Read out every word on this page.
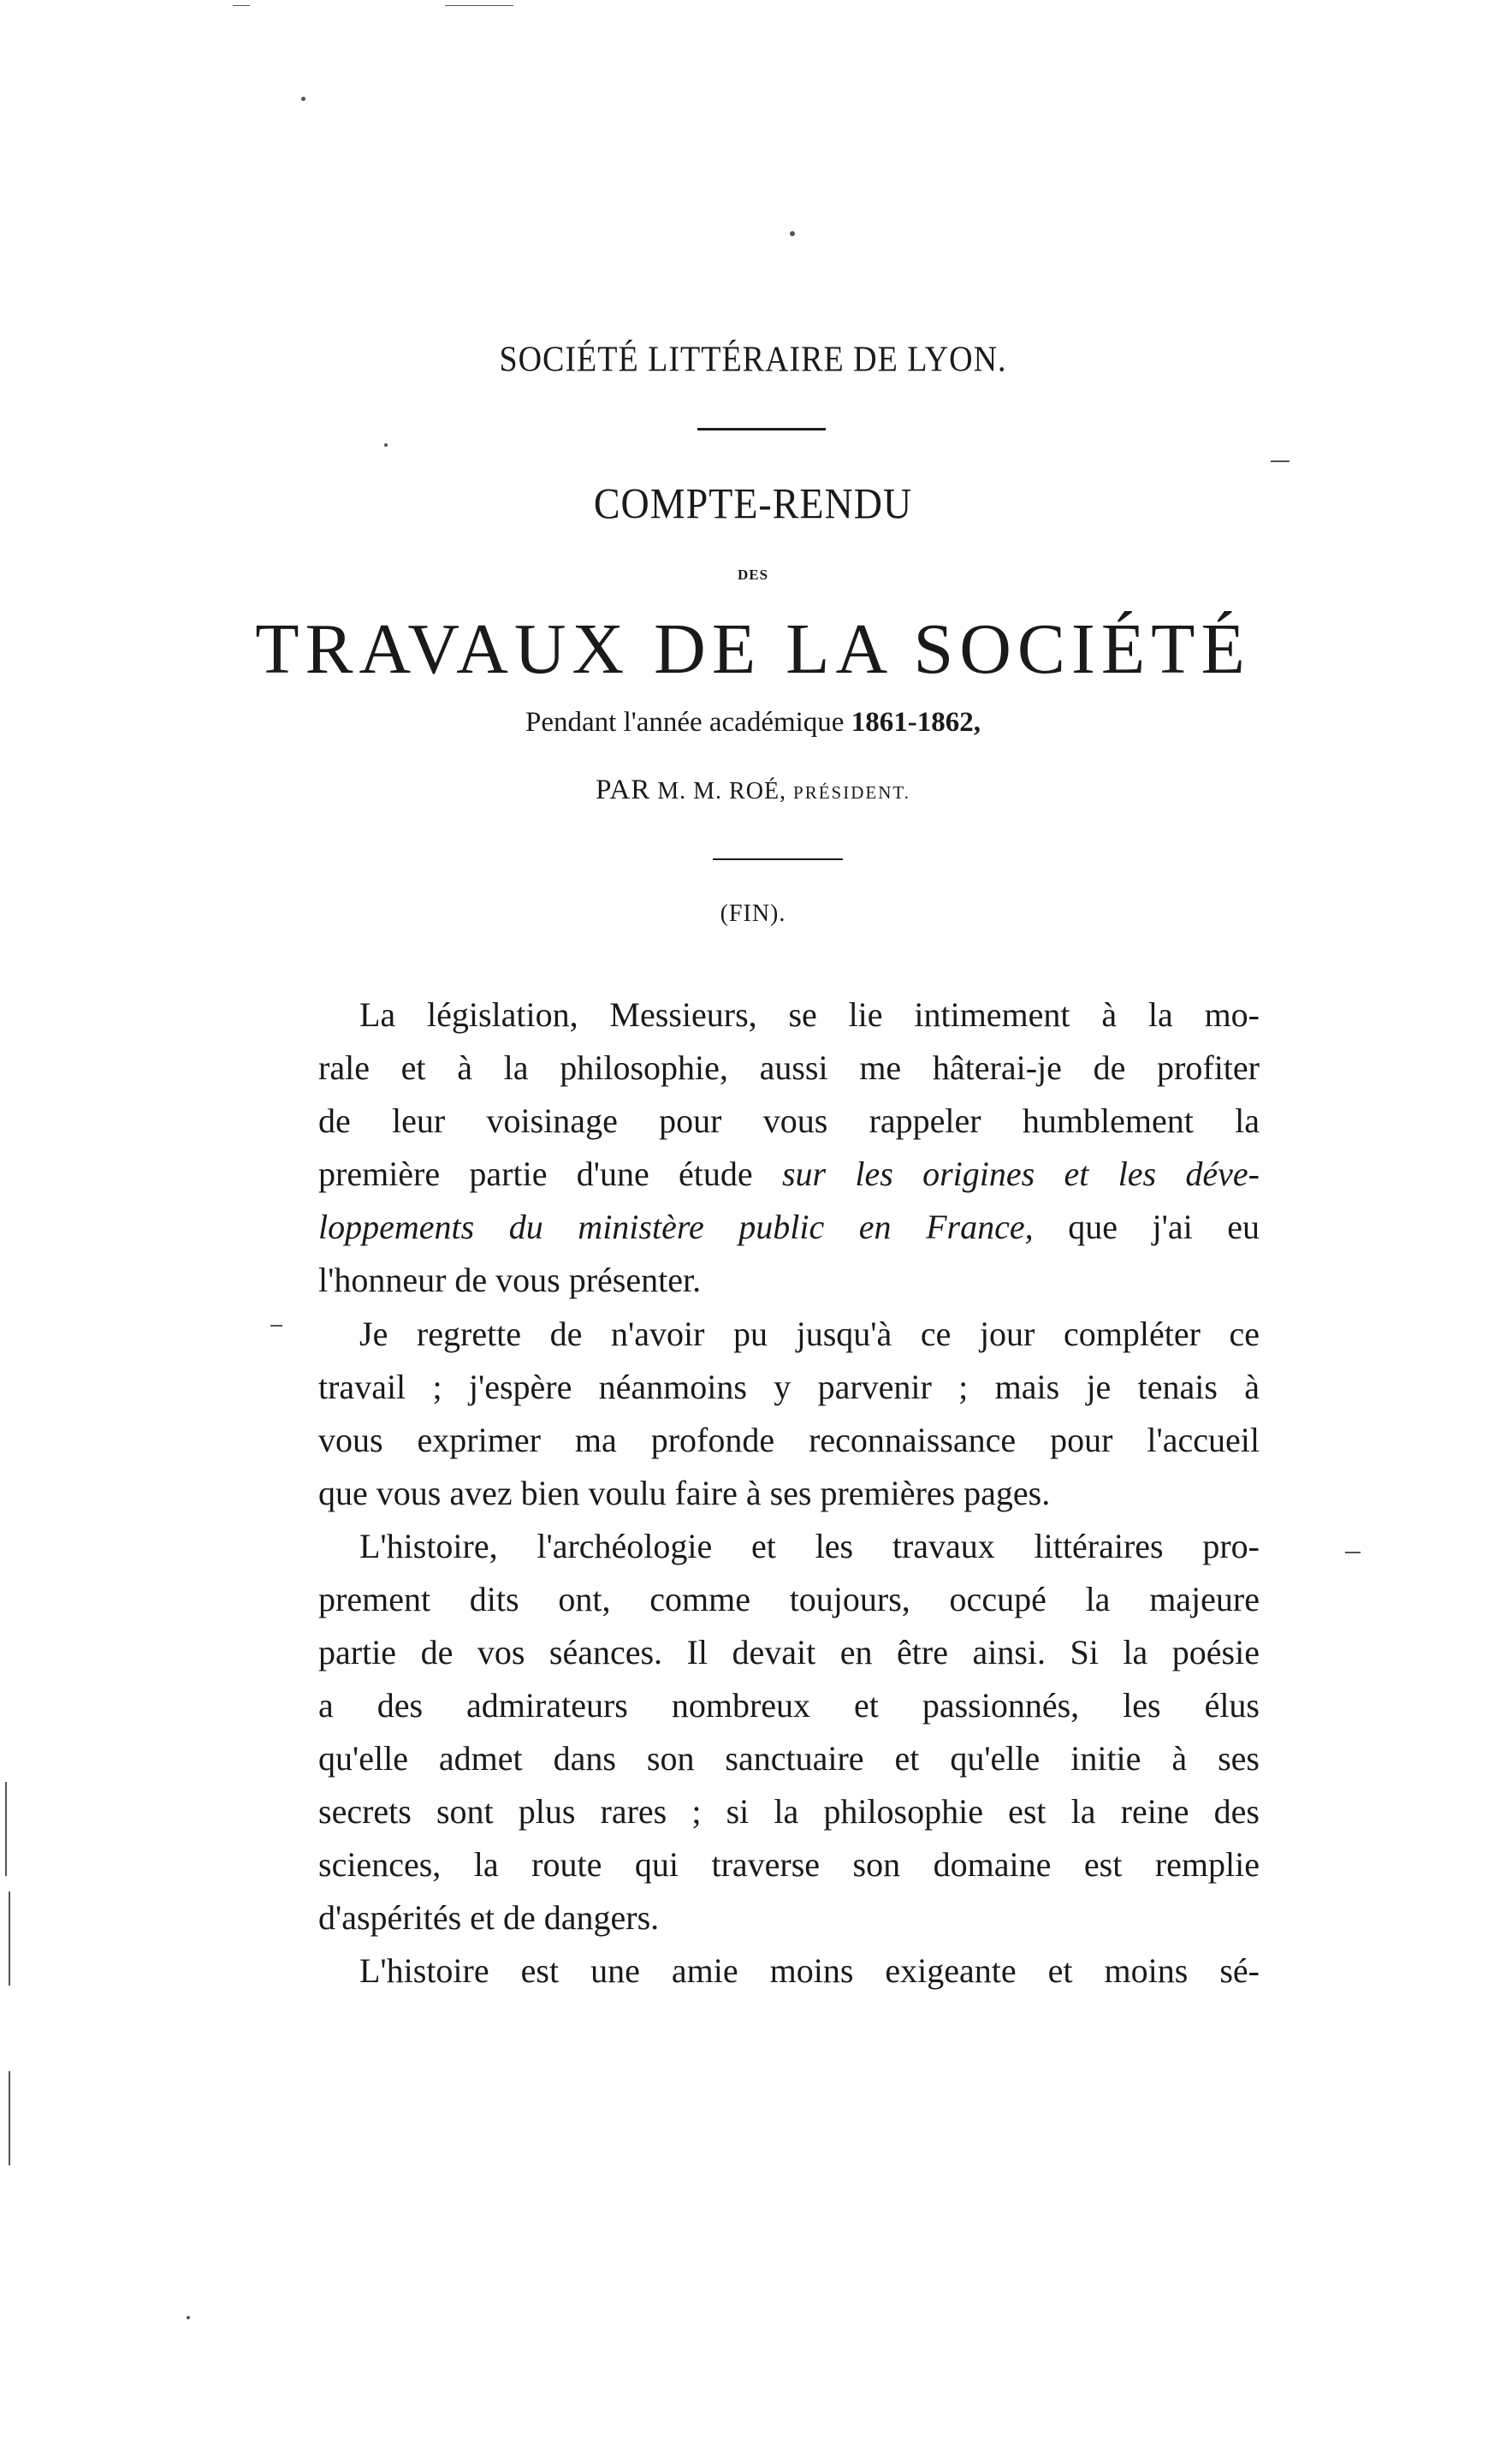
SOCIÉTÉ LITTÉRAIRE DE LYON.
COMPTE-RENDU
DES
TRAVAUX DE LA SOCIÉTÉ
Pendant l'année académique 1861-1862,
PAR M. M. ROÉ, PRÉSIDENT.
(FIN).
La législation, Messieurs, se lie intimement à la mo-
rale et à la philosophie, aussi me hâterai-je de profiter
de leur voisinage pour vous rappeler humblement la
première partie d'une étude sur les origines et les déve-
loppements du ministère public en France, que j'ai eu
l'honneur de vous présenter.
Je regrette de n'avoir pu jusqu'à ce jour compléter ce
travail ; j'espère néanmoins y parvenir ; mais je tenais à
vous exprimer ma profonde reconnaissance pour l'accueil
que vous avez bien voulu faire à ses premières pages.
L'histoire, l'archéologie et les travaux littéraires pro-
prement dits ont, comme toujours, occupé la majeure
partie de vos séances. Il devait en être ainsi. Si la poésie
a des admirateurs nombreux et passionnés, les élus
qu'elle admet dans son sanctuaire et qu'elle initie à ses
secrets sont plus rares ; si la philosophie est la reine des
sciences, la route qui traverse son domaine est remplie
d'aspérités et de dangers.
L'histoire est une amie moins exigeante et moins sé-
